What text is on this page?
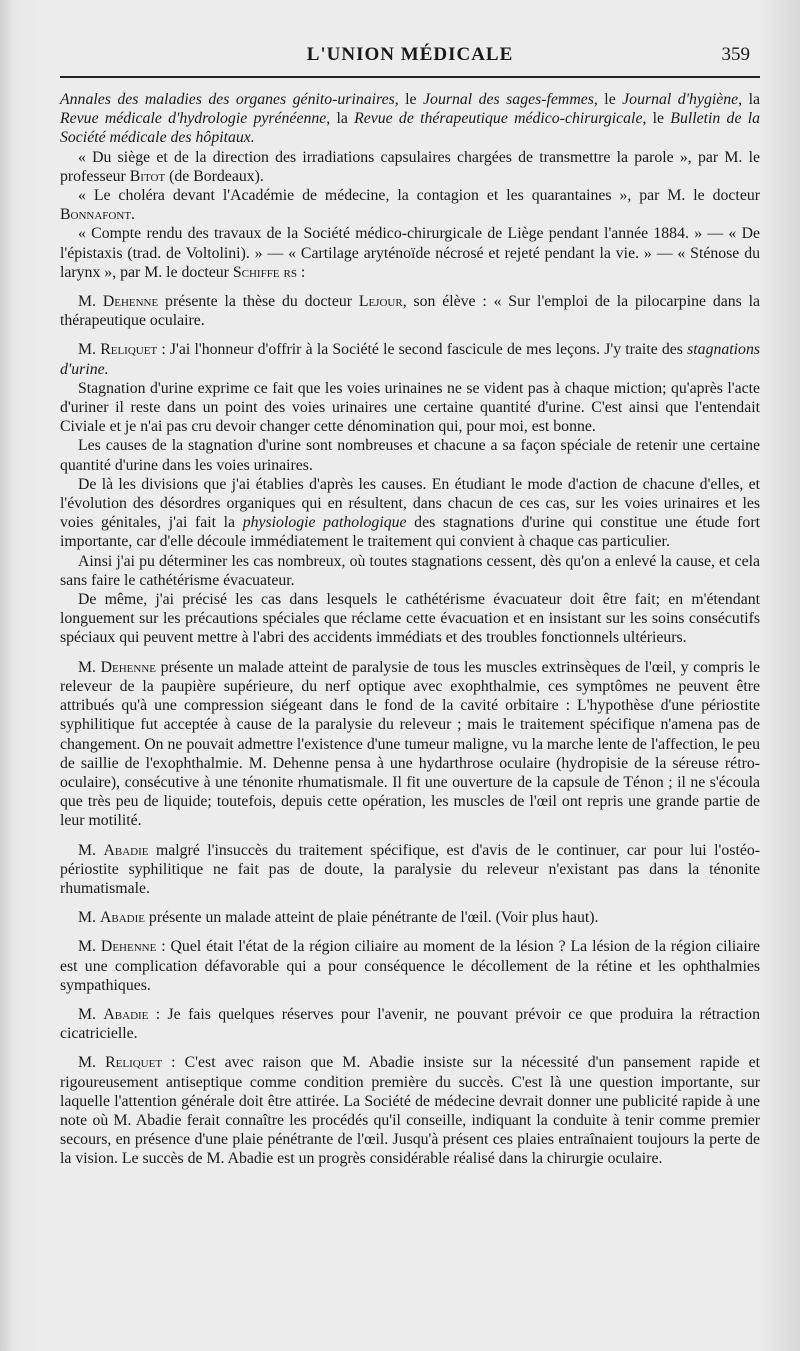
L'UNION MÉDICALE	359

Annales des maladies des organes génito-urinaires, le Journal des sages-femmes, le Journal d'hygiène, la Revue médicale d'hydrologie pyrénéenne, la Revue de thérapeutique médico-chirurgicale, le Bulletin de la Société médicale des hôpitaux.

« Du siège et de la direction des irradiations capsulaires chargées de transmettre la parole », par M. le professeur Bitot (de Bordeaux).

« Le choléra devant l'Académie de médecine, la contagion et les quarantaines », par M. le docteur Bonnafont.

« Compte rendu des travaux de la Société médico-chirurgicale de Liège pendant l'année 1884. » — « De l'épistaxis (trad. de Voltolini). » — « Cartilage aryténoïde nécrosé et rejeté pendant la vie. » — « Sténose du larynx », par M. le docteur Schiffe rs :

M. Dehenne présente la thèse du docteur Lejour, son élève : « Sur l'emploi de la pilocarpine dans la thérapeutique oculaire.

M. Reliquet : J'ai l'honneur d'offrir à la Société le second fascicule de mes leçons. J'y traite des stagnations d'urine.

Stagnation d'urine exprime ce fait que les voies urinaines ne se vident pas à chaque miction; qu'après l'acte d'uriner il reste dans un point des voies urinaires une certaine quantité d'urine. C'est ainsi que l'entendait Civiale et je n'ai pas cru devoir changer cette dénomination qui, pour moi, est bonne.

Les causes de la stagnation d'urine sont nombreuses et chacune a sa façon spéciale de retenir une certaine quantité d'urine dans les voies urinaires.

De là les divisions que j'ai établies d'après les causes. En étudiant le mode d'action de chacune d'elles, et l'évolution des désordres organiques qui en résultent, dans chacun de ces cas, sur les voies urinaires et les voies génitales, j'ai fait la physiologie pathologique des stagnations d'urine qui constitue une étude fort importante, car d'elle découle immédiatement le traitement qui convient à chaque cas particulier.

Ainsi j'ai pu déterminer les cas nombreux, où toutes stagnations cessent, dès qu'on a enlevé la cause, et cela sans faire le cathétérisme évacuateur.

De même, j'ai précisé les cas dans lesquels le cathétérisme évacuateur doit être fait; en m'étendant longuement sur les précautions spéciales que réclame cette évacuation et en insistant sur les soins consécutifs spéciaux qui peuvent mettre à l'abri des accidents immédiats et des troubles fonctionnels ultérieurs.

M. Dehenne présente un malade atteint de paralysie de tous les muscles extrinsèques de l'œil, y compris le releveur de la paupière supérieure, du nerf optique avec exophthalmie, ces symptômes ne peuvent être attribués qu'à une compression siégeant dans le fond de la cavité orbitaire : L'hypothèse d'une périostite syphilitique fut acceptée à cause de la paralysie du releveur ; mais le traitement spécifique n'amena pas de changement. On ne pouvait admettre l'existence d'une tumeur maligne, vu la marche lente de l'affection, le peu de saillie de l'exophthalmie. M. Dehenne pensa à une hydarthrose oculaire (hydropisie de la séreuse rétro-oculaire), consécutive à une ténonite rhumatismale. Il fit une ouverture de la capsule de Ténon ; il ne s'écoula que très peu de liquide; toutefois, depuis cette opération, les muscles de l'œil ont repris une grande partie de leur motilité.

M. Abadie malgré l'insuccès du traitement spécifique, est d'avis de le continuer, car pour lui l'ostéo-périostite syphilitique ne fait pas de doute, la paralysie du releveur n'existant pas dans la ténonite rhumatismale.

M. Abadie présente un malade atteint de plaie pénétrante de l'œil. (Voir plus haut).

M. Dehenne : Quel était l'état de la région ciliaire au moment de la lésion ? La lésion de la région ciliaire est une complication défavorable qui a pour conséquence le décollement de la rétine et les ophthalmies sympathiques.

M. Abadie : Je fais quelques réserves pour l'avenir, ne pouvant prévoir ce que produira la rétraction cicatricielle.

M. Reliquet : C'est avec raison que M. Abadie insiste sur la nécessité d'un pansement rapide et rigoureusement antiseptique comme condition première du succès. C'est là une question importante, sur laquelle l'attention générale doit être attirée. La Société de médecine devrait donner une publicité rapide à une note où M. Abadie ferait connaître les procédés qu'il conseille, indiquant la conduite à tenir comme premier secours, en présence d'une plaie pénétrante de l'œil. Jusqu'à présent ces plaies entraînaient toujours la perte de la vision. Le succès de M. Abadie est un progrès considérable réalisé dans la chirurgie oculaire.
